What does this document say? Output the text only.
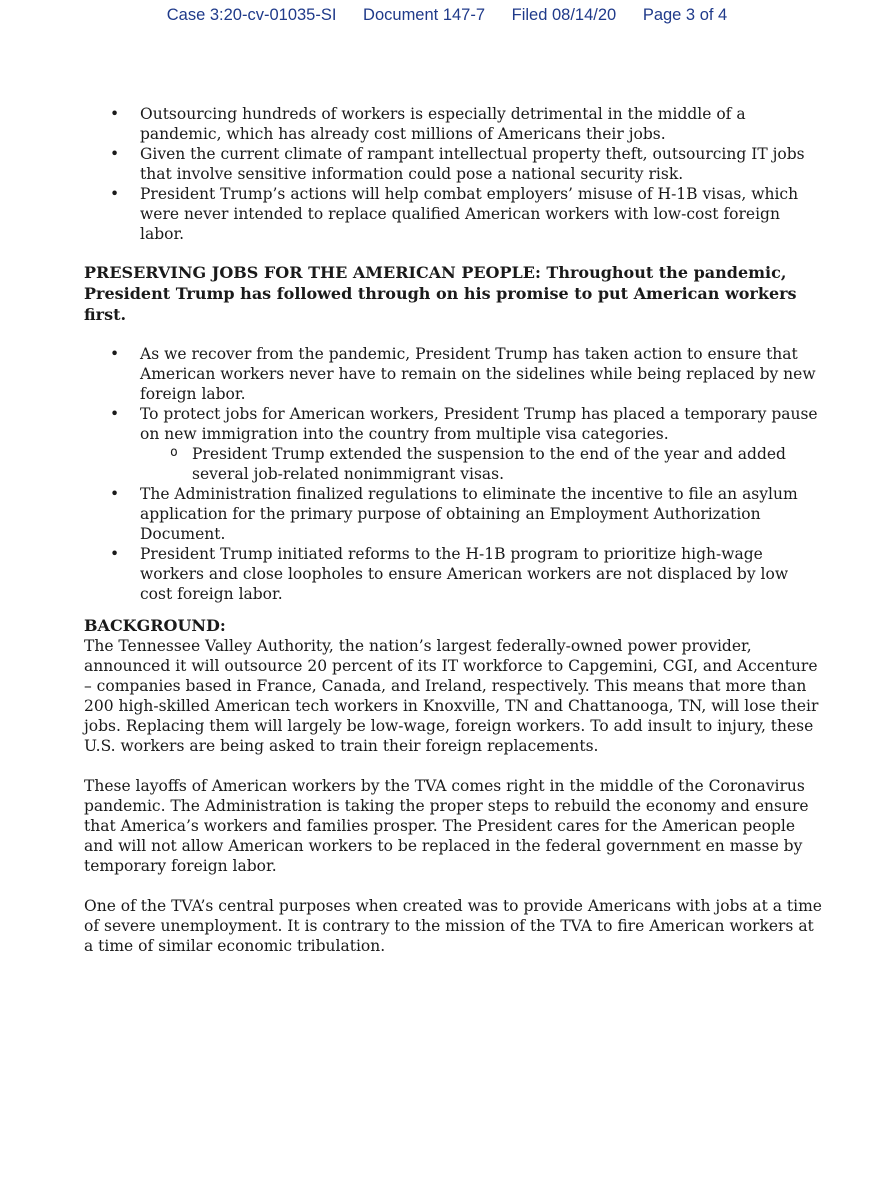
Case 3:20-cv-01035-SI Document 147-7 Filed 08/14/20 Page 3 of 4
• Outsourcing hundreds of workers is especially detrimental in the middle of a pandemic, which has already cost millions of Americans their jobs.
• Given the current climate of rampant intellectual property theft, outsourcing IT jobs that involve sensitive information could pose a national security risk.
• President Trump’s actions will help combat employers’ misuse of H-1B visas, which were never intended to replace qualified American workers with low-cost foreign labor.

PRESERVING JOBS FOR THE AMERICAN PEOPLE: Throughout the pandemic, President Trump has followed through on his promise to put American workers first.

• As we recover from the pandemic, President Trump has taken action to ensure that American workers never have to remain on the sidelines while being replaced by new foreign labor.
• To protect jobs for American workers, President Trump has placed a temporary pause on new immigration into the country from multiple visa categories.
o President Trump extended the suspension to the end of the year and added several job-related nonimmigrant visas.
• The Administration finalized regulations to eliminate the incentive to file an asylum application for the primary purpose of obtaining an Employment Authorization Document.
• President Trump initiated reforms to the H-1B program to prioritize high-wage workers and close loopholes to ensure American workers are not displaced by low cost foreign labor.

BACKGROUND:

The Tennessee Valley Authority, the nation’s largest federally-owned power provider, announced it will outsource 20 percent of its IT workforce to Capgemini, CGI, and Accenture – companies based in France, Canada, and Ireland, respectively. This means that more than 200 high-skilled American tech workers in Knoxville, TN and Chattanooga, TN, will lose their jobs. Replacing them will largely be low-wage, foreign workers. To add insult to injury, these U.S. workers are being asked to train their foreign replacements.

These layoffs of American workers by the TVA comes right in the middle of the Coronavirus pandemic. The Administration is taking the proper steps to rebuild the economy and ensure that America’s workers and families prosper. The President cares for the American people and will not allow American workers to be replaced in the federal government en masse by temporary foreign labor.

One of the TVA’s central purposes when created was to provide Americans with jobs at a time of severe unemployment. It is contrary to the mission of the TVA to fire American workers at a time of similar economic tribulation.
